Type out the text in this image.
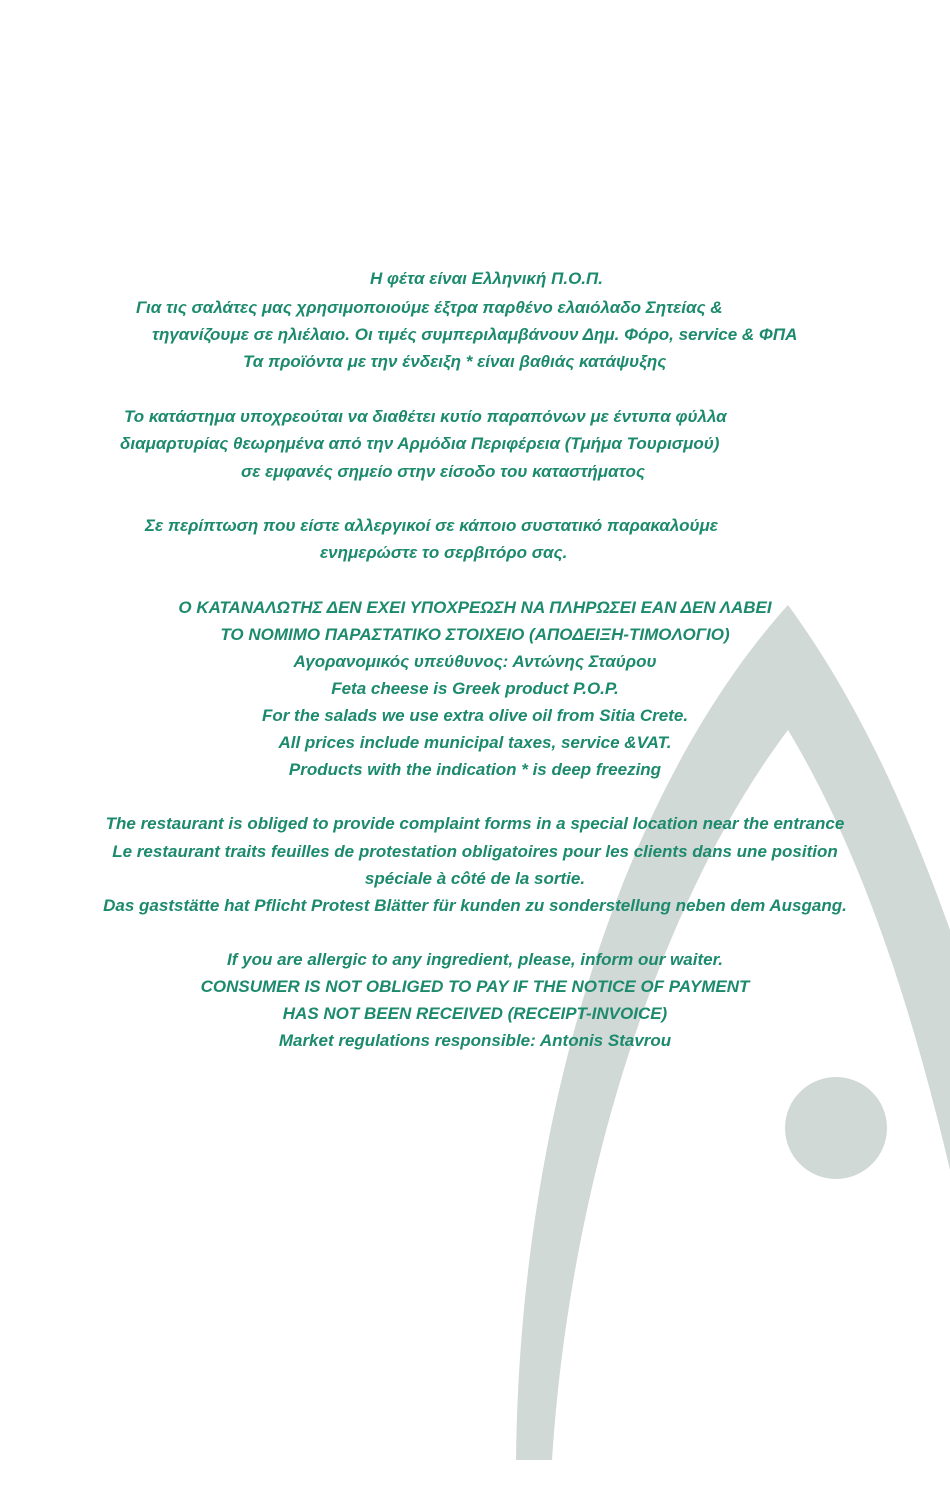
Η φέτα είναι Ελληνική Π.Ο.Π.

Για τις σαλάτες μας χρησιμοποιούμε έξτρα παρθένο ελαιόλαδο Σητείας &

τηγανίζουμε σε ηλιέλαιο. Οι τιμές συμπεριλαμβάνουν Δημ. Φόρο, service & ΦΠΑ

Τα προϊόντα με την ένδειξη * είναι βαθιάς κατάψυξης

Το κατάστημα υποχρεούται να διαθέτει κυτίο παραπόνων με έντυπα φύλλα

διαμαρτυρίας θεωρημένα από την Αρμόδια Περιφέρεια (Τμήμα Τουρισμού)

σε εμφανές σημείο στην είσοδο του καταστήματος

Σε περίπτωση που είστε αλλεργικοί σε κάποιο συστατικό παρακαλούμε

ενημερώστε το σερβιτόρο σας.

Ο ΚΑΤΑΝΑΛΩΤΗΣ ΔΕΝ ΕΧΕΙ ΥΠΟΧΡΕΩΣΗ ΝΑ ΠΛΗΡΩΣΕΙ ΕΑΝ ΔΕΝ ΛΑΒΕΙ

ΤΟ ΝΟΜΙΜΟ ΠΑΡΑΣΤΑΤΙΚΟ ΣΤΟΙΧΕΙΟ (ΑΠΟΔΕΙΞΗ-ΤΙΜΟΛΟΓΙΟ)

Αγορανομικός υπεύθυνος: Αντώνης Σταύρου

Feta cheese is Greek product P.O.P.

For the salads we use extra olive oil from Sitia Crete.

All prices include municipal taxes, service &VAT.

Products with the indication * is deep freezing

The restaurant is obliged to provide complaint forms in a special location near the entrance

Le restaurant traits feuilles de protestation obligatoires pour les clients dans une position

spéciale à côté de la sortie.

Das gaststätte hat Pflicht Protest Blätter für kunden zu sonderstellung neben dem Ausgang.

If you are allergic to any ingredient, please, inform our waiter.

CONSUMER IS NOT OBLIGED TO PAY IF THE NOTICE OF PAYMENT

HAS NOT BEEN RECEIVED (RECEIPT-INVOICE)

Market regulations responsible: Antonis Stavrou
